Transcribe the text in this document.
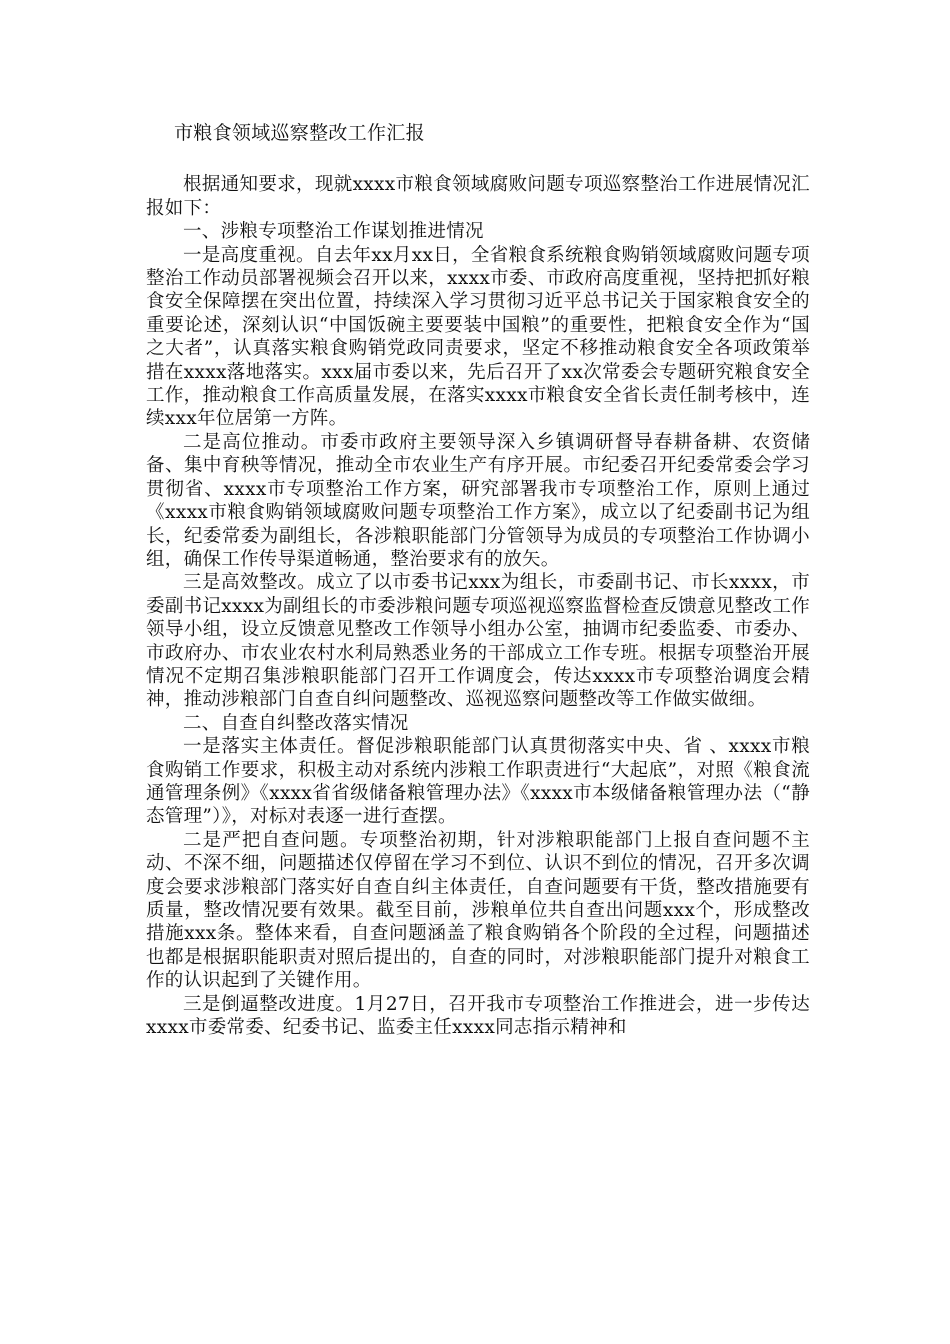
市粮食领域巡察整改工作汇报

根据通知要求，现就xxxx市粮食领域腐败问题专项巡察整治工作进展情况汇报如下：

一、涉粮专项整治工作谋划推进情况

一是高度重视。自去年xx月xx日，全省粮食系统粮食购销领域腐败问题专项整治工作动员部署视频会召开以来，xxxx市委、市政府高度重视，坚持把抓好粮食安全保障摆在突出位置，持续深入学习贯彻习近平总书记关于国家粮食安全的重要论述，深刻认识“中国饭碗主要要装中国粮”的重要性，把粮食安全作为“国之大者”，认真落实粮食购销党政同责要求，坚定不移推动粮食安全各项政策举措在xxxx落地落实。xxx届市委以来，先后召开了xx次常委会专题研究粮食安全工作，推动粮食工作高质量发展，在落实xxxx市粮食安全省长责任制考核中，连续xxx年位居第一方阵。

二是高位推动。市委市政府主要领导深入乡镇调研督导春耕备耕、农资储备、集中育秧等情况，推动全市农业生产有序开展。市纪委召开纪委常委会学习贯彻省、xxxx市专项整治工作方案，研究部署我市专项整治工作，原则上通过《xxxx市粮食购销领域腐败问题专项整治工作方案》，成立以了纪委副书记为组长，纪委常委为副组长，各涉粮职能部门分管领导为成员的专项整治工作协调小组，确保工作传导渠道畅通，整治要求有的放矢。

三是高效整改。成立了以市委书记xxx为组长，市委副书记、市长xxxx，市委副书记xxxx为副组长的市委涉粮问题专项巡视巡察监督检查反馈意见整改工作领导小组，设立反馈意见整改工作领导小组办公室，抽调市纪委监委、市委办、市政府办、市农业农村水利局熟悉业务的干部成立工作专班。根据专项整治开展情况不定期召集涉粮职能部门召开工作调度会，传达xxxx市专项整治调度会精神，推动涉粮部门自查自纠问题整改、巡视巡察问题整改等工作做实做细。

二、自查自纠整改落实情况

一是落实主体责任。督促涉粮职能部门认真贯彻落实中央、省 、xxxx市粮食购销工作要求，积极主动对系统内涉粮工作职责进行“大起底”，对照《粮食流通管理条例》《xxxx省省级储备粮管理办法》《xxxx市本级储备粮管理办法（“静态管理”）》，对标对表逐一进行查摆。

二是严把自查问题。专项整治初期，针对涉粮职能部门上报自查问题不主动、不深不细，问题描述仅停留在学习不到位、认识不到位的情况，召开多次调度会要求涉粮部门落实好自查自纠主体责任，自查问题要有干货，整改措施要有质量，整改情况要有效果。截至目前，涉粮单位共自查出问题xxx个，形成整改措施xxx条。整体来看，自查问题涵盖了粮食购销各个阶段的全过程，问题描述也都是根据职能职责对照后提出的，自查的同时，对涉粮职能部门提升对粮食工作的认识起到了关键作用。

三是倒逼整改进度。1月27日，召开我市专项整治工作推进会，进一步传达xxxx市委常委、纪委书记、监委主任xxxx同志指示精神和
